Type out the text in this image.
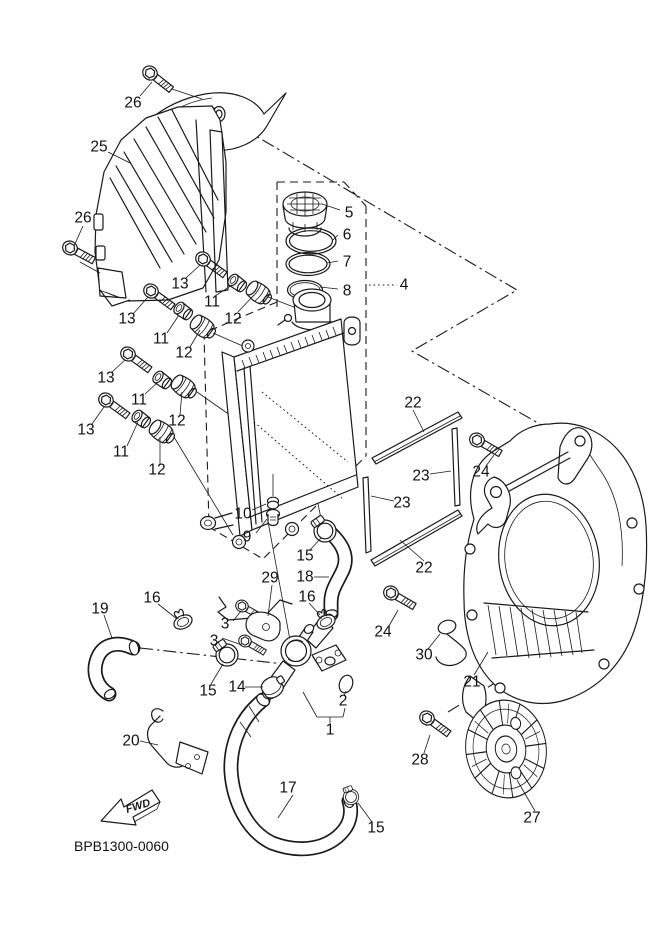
FWD
26
25
26	5
6
7
8	4
13
11
12
13
11
12
13
11
12
13
11
12
10
9
15
18
29
16
16
19
3
3
15 14
2
1
20
17
15
22
23
23
22
24
24
30
21
28
27
BPB1300-0060
